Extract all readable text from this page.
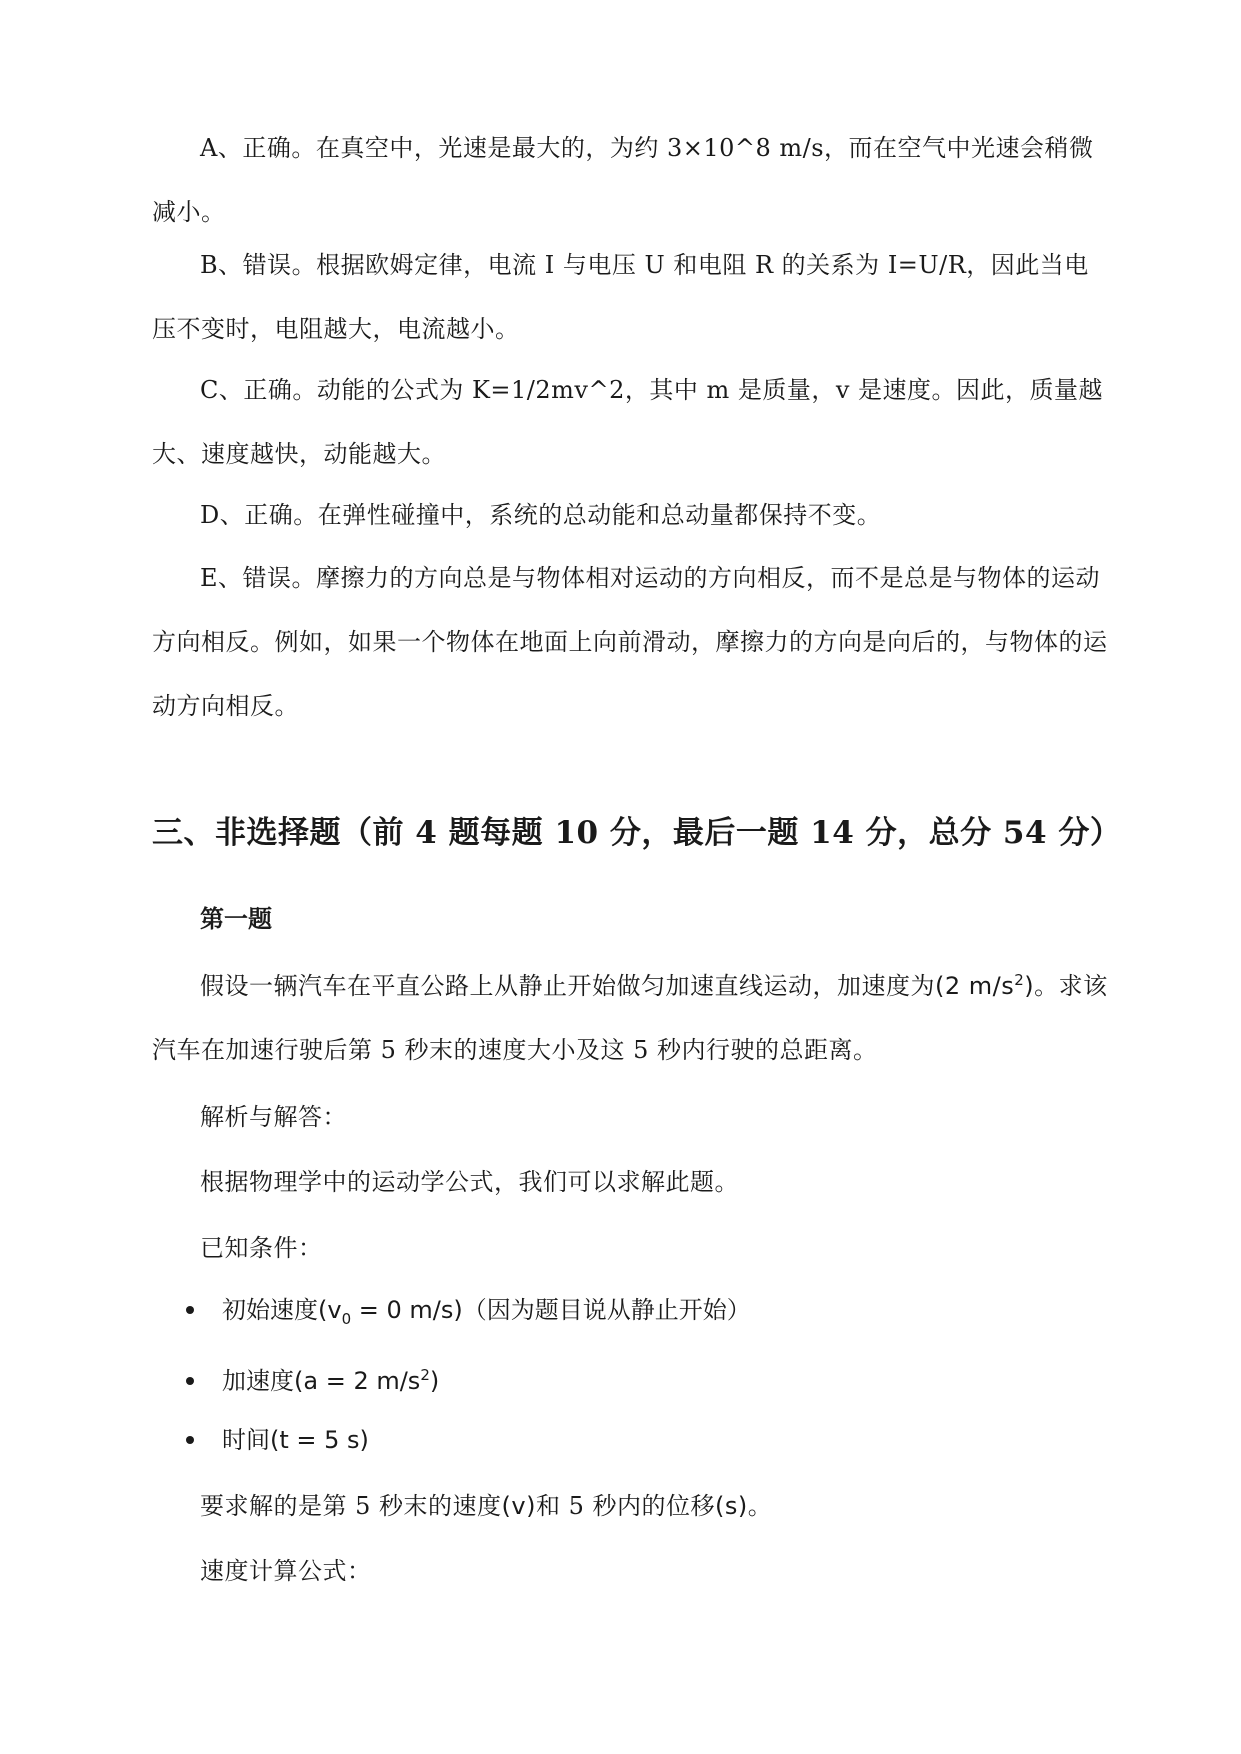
A、正确。在真空中，光速是最大的，为约 3×10^8 m/s，而在空气中光速会稍微减小。

B、错误。根据欧姆定律，电流 I 与电压 U 和电阻 R 的关系为 I=U/R，因此当电压不变时，电阻越大，电流越小。

C、正确。动能的公式为 K=1/2mv^2，其中 m 是质量，v 是速度。因此，质量越大、速度越快，动能越大。

D、正确。在弹性碰撞中，系统的总动能和总动量都保持不变。

E、错误。摩擦力的方向总是与物体相对运动的方向相反，而不是总是与物体的运动方向相反。例如，如果一个物体在地面上向前滑动，摩擦力的方向是向后的，与物体的运动方向相反。

三、非选择题（前 4 题每题 10 分，最后一题 14 分，总分 54 分）
第一题

假设一辆汽车在平直公路上从静止开始做匀加速直线运动，加速度为(2 $m/s^2$)。求该汽车在加速行驶后第 5 秒末的速度大小及这 5 秒内行驶的总距离。

解析与解答：

根据物理学中的运动学公式，我们可以求解此题。

已知条件：

初始速度 ($v_0 = 0$ m/s) （因为题目说从静止开始）
加速度 (a = 2 $m/s^2$)
时间 (t = 5 s)

要求解的是第 5 秒末的速度(v)和 5 秒内的位移(s)。

速度计算公式：
